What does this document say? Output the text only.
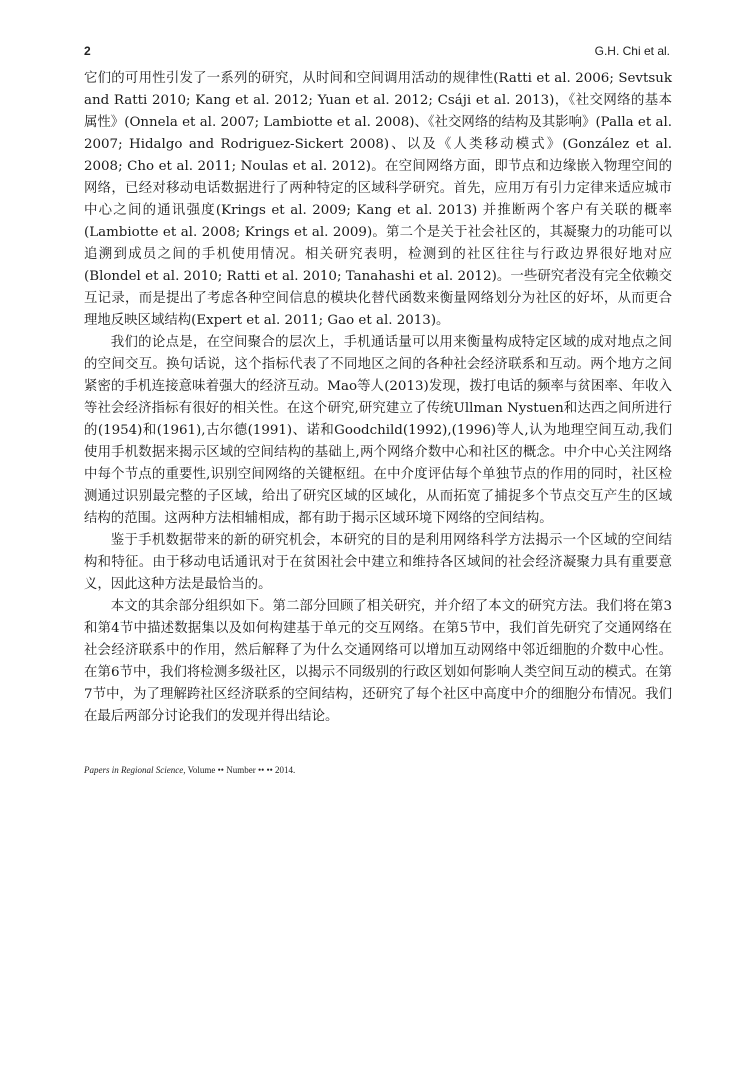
2	G.H. Chi et al.

它们的可用性引发了一系列的研究，从时间和空间调用活动的规律性(Ratti et al. 2006; Sevtsuk and Ratti 2010; Kang et al. 2012; Yuan et al. 2012; Csáji et al. 2013)，《社交网络的基本属性》(Onnela et al. 2007; Lambiotte et al. 2008)、《社交网络的结构及其影响》(Palla et al. 2007; Hidalgo and Rodriguez-Sickert 2008)、以及《人类移动模式》(González et al. 2008; Cho et al. 2011; Noulas et al. 2012)。在空间网络方面，即节点和边缘嵌入物理空间的网络，已经对移动电话数据进行了两种特定的区域科学研究。首先，应用万有引力定律来适应城市中心之间的通讯强度(Krings et al. 2009; Kang et al. 2013) 并推断两个客户有关联的概率 (Lambiotte et al. 2008; Krings et al. 2009)。第二个是关于社会社区的，其凝聚力的功能可以追溯到成员之间的手机使用情况。相关研究表明，检测到的社区往往与行政边界很好地对应(Blondel et al. 2010; Ratti et al. 2010; Tanahashi et al. 2012)。一些研究者没有完全依赖交互记录，而是提出了考虑各种空间信息的模块化替代函数来衡量网络划分为社区的好坏，从而更合理地反映区域结构(Expert et al. 2011; Gao et al. 2013)。

我们的论点是，在空间聚合的层次上，手机通话量可以用来衡量构成特定区域的成对地点之间的空间交互。换句话说，这个指标代表了不同地区之间的各种社会经济联系和互动。两个地方之间紧密的手机连接意味着强大的经济互动。Mao等人(2013)发现，拨打电话的频率与贫困率、年收入等社会经济指标有很好的相关性。在这个研究,研究建立了传统Ullman Nystuen和达西之间所进行的(1954)和(1961),古尔德(1991)、诺和Goodchild(1992),(1996)等人,认为地理空间互动,我们使用手机数据来揭示区域的空间结构的基础上,两个网络介数中心和社区的概念。中介中心关注网络中每个节点的重要性,识别空间网络的关键枢纽。在中介度评估每个单独节点的作用的同时，社区检测通过识别最完整的子区域，给出了研究区域的区域化，从而拓宽了捕捉多个节点交互产生的区域结构的范围。这两种方法相辅相成，都有助于揭示区域环境下网络的空间结构。

鉴于手机数据带来的新的研究机会，本研究的目的是利用网络科学方法揭示一个区域的空间结构和特征。由于移动电话通讯对于在贫困社会中建立和维持各区域间的社会经济凝聚力具有重要意义，因此这种方法是最恰当的。

本文的其余部分组织如下。第二部分回顾了相关研究，并介绍了本文的研究方法。我们将在第3和第4节中描述数据集以及如何构建基于单元的交互网络。在第5节中，我们首先研究了交通网络在社会经济联系中的作用，然后解释了为什么交通网络可以增加互动网络中邻近细胞的介数中心性。在第6节中，我们将检测多级社区，以揭示不同级别的行政区划如何影响人类空间互动的模式。在第7节中，为了理解跨社区经济联系的空间结构，还研究了每个社区中高度中介的细胞分布情况。我们在最后两部分讨论我们的发现并得出结论。

Papers in Regional Science, Volume •• Number •• •• 2014.
